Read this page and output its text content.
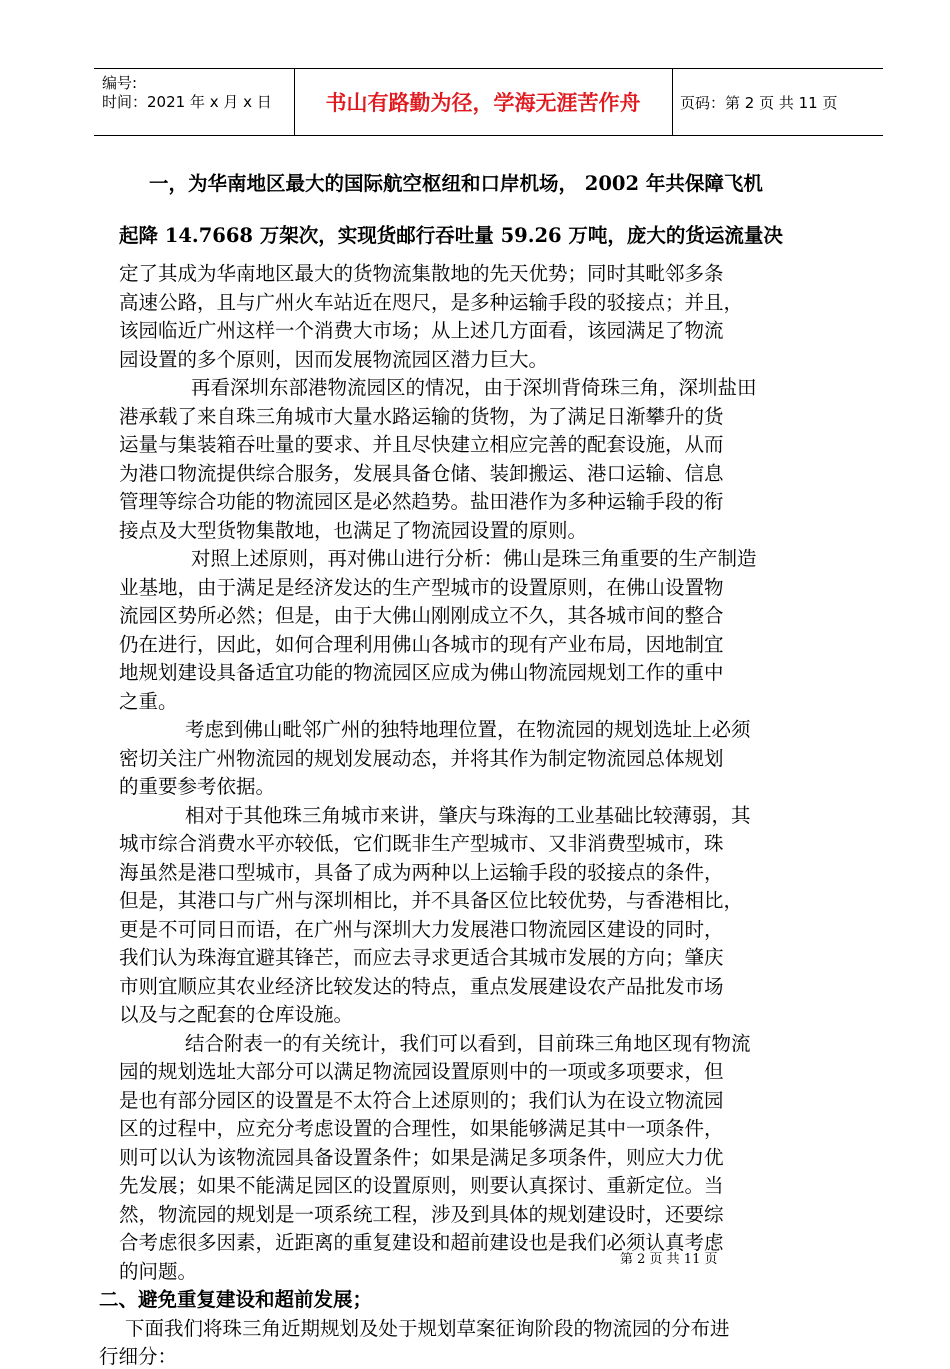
编号:
时间：2021 年 x 月 x 日	书山有路勤为径，学海无涯苦作舟	页码：第 2 页 共 11 页
一，为华南地区最大的国际航空枢纽和口岸机场， 2002 年共保障飞机
起降 14.7668 万架次，实现货邮行吞吐量 59.26 万吨，庞大的货运流量决
定了其成为华南地区最大的货物流集散地的先天优势；同时其毗邻多条
高速公路，且与广州火车站近在咫尺，是多种运输手段的驳接点；并且，
该园临近广州这样一个消费大市场；从上述几方面看，该园满足了物流
园设置的多个原则，因而发展物流园区潜力巨大。
再看深圳东部港物流园区的情况，由于深圳背倚珠三角，深圳盐田
港承载了来自珠三角城市大量水路运输的货物，为了满足日渐攀升的货
运量与集装箱吞吐量的要求、并且尽快建立相应完善的配套设施，从而
为港口物流提供综合服务，发展具备仓储、装卸搬运、港口运输、信息
管理等综合功能的物流园区是必然趋势。盐田港作为多种运输手段的衔
接点及大型货物集散地，也满足了物流园设置的原则。
对照上述原则，再对佛山进行分析：佛山是珠三角重要的生产制造
业基地，由于满足是经济发达的生产型城市的设置原则，在佛山设置物
流园区势所必然；但是，由于大佛山刚刚成立不久，其各城市间的整合
仍在进行，因此，如何合理利用佛山各城市的现有产业布局，因地制宜
地规划建设具备适宜功能的物流园区应成为佛山物流园规划工作的重中
之重。
考虑到佛山毗邻广州的独特地理位置，在物流园的规划选址上必须
密切关注广州物流园的规划发展动态，并将其作为制定物流园总体规划
的重要参考依据。
相对于其他珠三角城市来讲，肇庆与珠海的工业基础比较薄弱，其
城市综合消费水平亦较低，它们既非生产型城市、又非消费型城市，珠
海虽然是港口型城市，具备了成为两种以上运输手段的驳接点的条件，
但是，其港口与广州与深圳相比，并不具备区位比较优势，与香港相比，
更是不可同日而语，在广州与深圳大力发展港口物流园区建设的同时，
我们认为珠海宜避其锋芒，而应去寻求更适合其城市发展的方向；肇庆
市则宜顺应其农业经济比较发达的特点，重点发展建设农产品批发市场
以及与之配套的仓库设施。
结合附表一的有关统计，我们可以看到，目前珠三角地区现有物流
园的规划选址大部分可以满足物流园设置原则中的一项或多项要求，但
是也有部分园区的设置是不太符合上述原则的；我们认为在设立物流园
区的过程中，应充分考虑设置的合理性，如果能够满足其中一项条件，
则可以认为该物流园具备设置条件；如果是满足多项条件，则应大力优
先发展；如果不能满足园区的设置原则，则要认真探讨、重新定位。当
然，物流园的规划是一项系统工程，涉及到具体的规划建设时，还要综
合考虑很多因素，近距离的重复建设和超前建设也是我们必须认真考虑
的问题。
二、避免重复建设和超前发展；
下面我们将珠三角近期规划及处于规划草案征询阶段的物流园的分布进
行细分：
第 2 页 共 11 页
